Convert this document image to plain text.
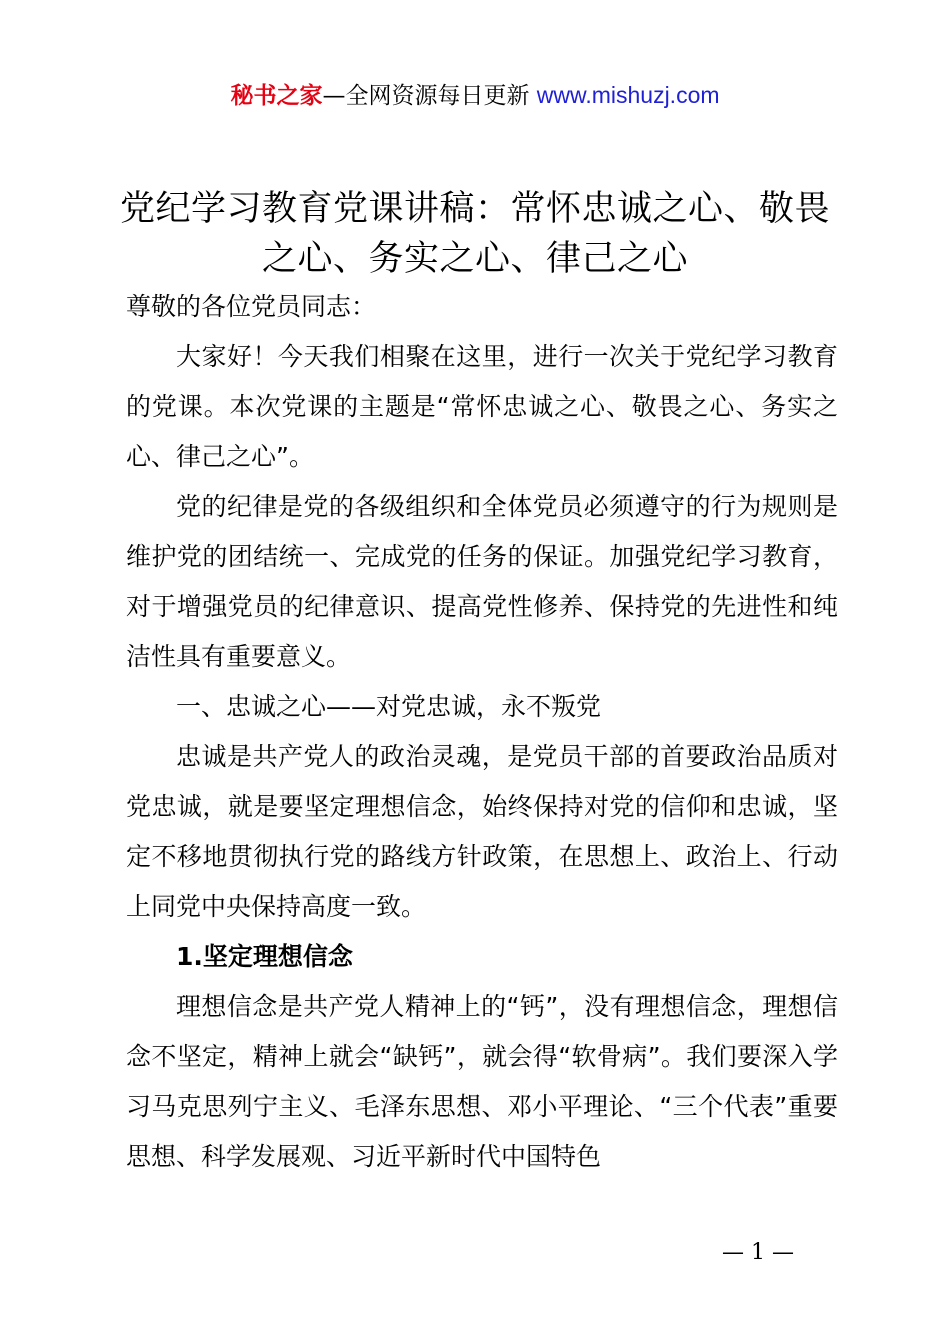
秘书之家—全网资源每日更新 www.mishuzj.com
党纪学习教育党课讲稿：常怀忠诚之心、敬畏之心、务实之心、律己之心

尊敬的各位党员同志：

大家好！今天我们相聚在这里，进行一次关于党纪学习教育的党课。本次党课的主题是“常怀忠诚之心、敬畏之心、务实之心、律己之心”。

党的纪律是党的各级组织和全体党员必须遵守的行为规则是维护党的团结统一、完成党的任务的保证。加强党纪学习教育，对于增强党员的纪律意识、提高党性修养、保持党的先进性和纯洁性具有重要意义。

一、忠诚之心——对党忠诚，永不叛党

忠诚是共产党人的政治灵魂，是党员干部的首要政治品质对党忠诚，就是要坚定理想信念，始终保持对党的信仰和忠诚，坚定不移地贯彻执行党的路线方针政策，在思想上、政治上、行动上同党中央保持高度一致。

1.坚定理想信念

理想信念是共产党人精神上的“钙”，没有理想信念，理想信念不坚定，精神上就会“缺钙”，就会得“软骨病”。我们要深入学习马克思列宁主义、毛泽东思想、邓小平理论、“三个代表”重要思想、科学发展观、习近平新时代中国特色

— 1 —
